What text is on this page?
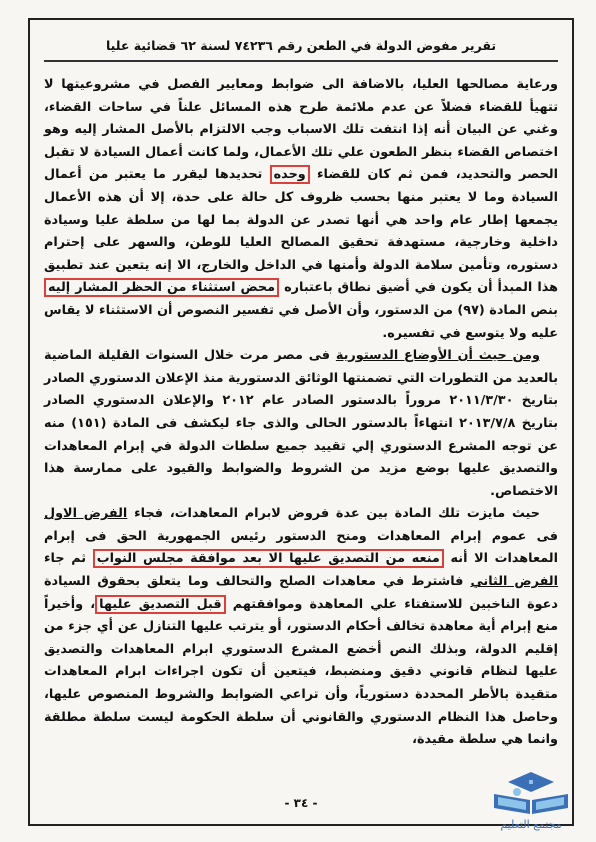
تقرير مفوض الدولة في الطعن رقم ٧٤٢٣٦ لسنة ٦٢ قضائية عليا

ورعاية مصالحها العليا، بالاضافة الى ضوابط ومعايير الفصل في مشروعيتها لا تتهيأ للقضاء فضلاً عن عدم ملائمة طرح هذه المسائل علناً في ساحات القضاء، وغني عن البيان أنه إذا انتفت تلك الاسباب وجب الالتزام بالأصل المشار إليه وهو اختصاص القضاء بنظر الطعون علي تلك الأعمال، ولما كانت أعمال السيادة لا تقبل الحصر والتحديد، فمن ثم كان للقضاء وحده تحديدها ليقرر ما يعتبر من أعمال السيادة وما لا يعتبر منها بحسب ظروف كل حالة على حدة، إلا أن هذه الأعمال يجمعها إطار عام واحد هي أنها تصدر عن الدولة بما لها من سلطة عليا وسيادة داخلية وخارجية، مستهدفة تحقيق المصالح العليا للوطن، والسهر على إحترام دستوره، وتأمين سلامة الدولة وأمنها في الداخل والخارج، الا إنه يتعين عند تطبيق هذا المبدأ أن يكون في أضيق نطاق باعتباره محض استثناء من الحظر المشار إليه بنص المادة (٩٧) من الدستور، وأن الأصل في تفسير النصوص أن الاستثناء لا يقاس عليه ولا يتوسع في تفسيره.

ومن حيث أن الأوضاع الدستورية فى مصر مرت خلال السنوات القليلة الماضية بالعديد من التطورات التي تضمنتها الوثائق الدستورية منذ الإعلان الدستوري الصادر بتاريخ ٢٠١١/٣/٣٠ مروراً بالدستور الصادر عام ٢٠١٢ والإعلان الدستوري الصادر بتاريخ ٢٠١٣/٧/٨ انتهاءاً بالدستور الحالى والذى جاء ليكشف فى المادة (١٥١) منه عن توجه المشرع الدستوري إلي تقييد جميع سلطات الدولة في إبرام المعاهدات والتصديق عليها بوضع مزيد من الشروط والضوابط والقيود على ممارسة هذا الاختصاص.

حيث مايزت تلك المادة بين عدة فروض لابرام المعاهدات، فجاء الفرض الاول فى عموم إبرام المعاهدات ومنح الدستور رئيس الجمهورية الحق فى إبرام المعاهدات الا أنه منعه من التصديق عليها الا بعد موافقة مجلس النواب ثم جاء الفرض الثاني فاشترط في معاهدات الصلح والتحالف وما يتعلق بحقوق السيادة دعوة الناخبين للاستفتاء علي المعاهدة وموافقتهم قبل التصديق عليها، وأخيراً منع إبرام أية معاهدة تخالف أحكام الدستور، أو يترتب عليها التنازل عن أي جزء من إقليم الدولة، وبذلك النص أخضع المشرع الدستوري ابرام المعاهدات والتصديق عليها لنظام قانوني دقيق ومنضبط، فيتعين أن تكون اجراءات ابرام المعاهدات متقيدة بالأطر المحددة دستورياً، وأن تراعي الضوابط والشروط المنصوص عليها، وحاصل هذا النظام الدستوري والقانوني أن سلطة الحكومة ليست سلطة مطلقة وانما هي سلطة مقيدة،

- ٣٤ -
مجتمع التعليم
